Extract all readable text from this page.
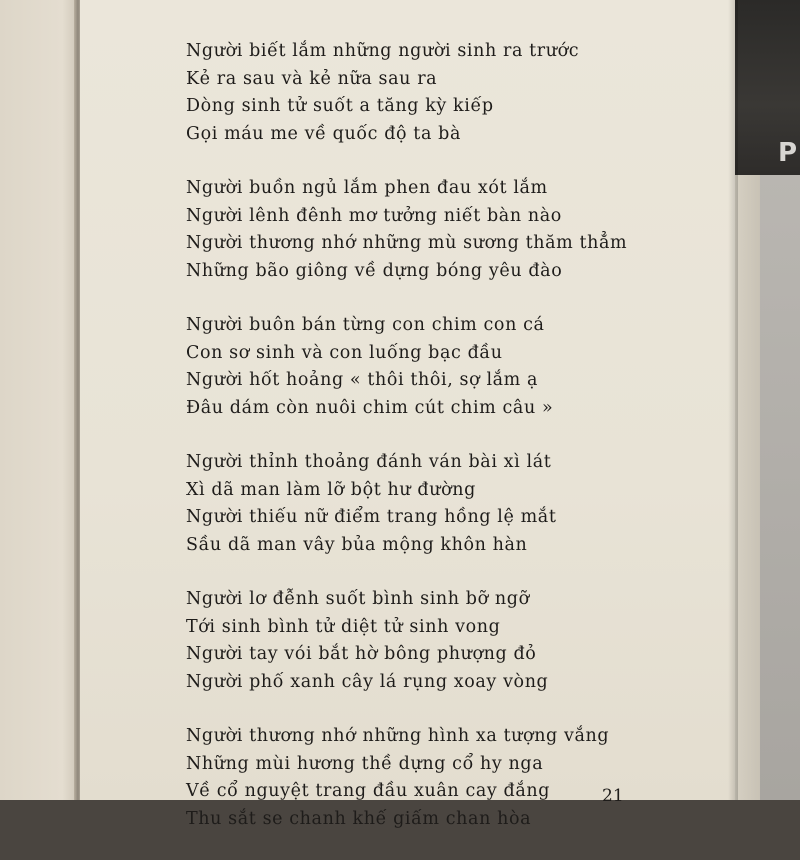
P
Người biết lắm những người sinh ra trước
Kẻ ra sau và kẻ nữa sau ra
Dòng sinh tử suốt a tăng kỳ kiếp
Gọi máu me về quốc độ ta bà
Người buồn ngủ lắm phen đau xót lắm
Người lênh đênh mơ tưởng niết bàn nào
Người thương nhớ những mù sương thăm thẳm
Những bão giông về dựng bóng yêu đào
Người buôn bán từng con chim con cá
Con sơ sinh và con luống bạc đầu
Người hốt hoảng « thôi thôi, sợ lắm ạ
Đâu dám còn nuôi chim cút chim câu »
Người thỉnh thoảng đánh ván bài xì lát
Xì dã man làm lỡ bột hư đường
Người thiếu nữ điểm trang hồng lệ mắt
Sầu dã man vây bủa mộng khôn hàn
Người lơ đễnh suốt bình sinh bỡ ngỡ
Tới sinh bình tử diệt tử sinh vong
Người tay vói bắt hờ bông phượng đỏ
Người phố xanh cây lá rụng xoay vòng
Người thương nhớ những hình xa tượng vắng
Những mùi hương thề dựng cổ hy nga
Về cổ nguyệt trang đầu xuân cay đắng
Thu sắt se chanh khế giấm chan hòa
21
